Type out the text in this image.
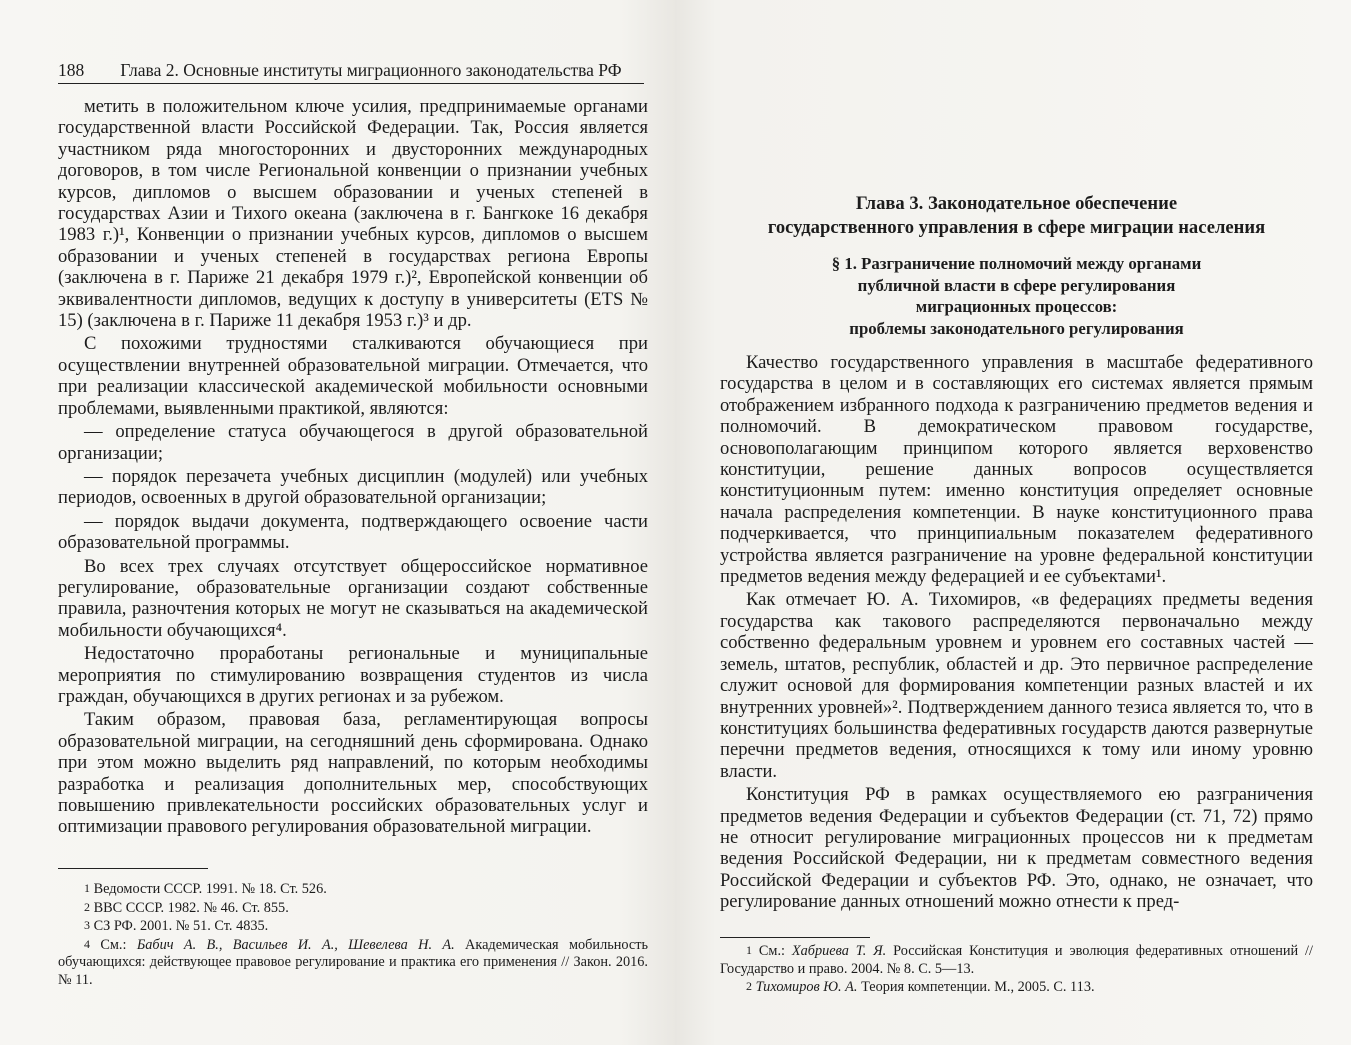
188 Глава 2. Основные институты миграционного законодательства РФ

метить в положительном ключе усилия, предпринимаемые органами государственной власти Российской Федерации. Так, Россия является участником ряда многосторонних и двусторонних международных договоров, в том числе Региональной конвенции о признании учебных курсов, дипломов о высшем образовании и ученых степеней в государствах Азии и Тихого океана (заключена в г. Бангкоке 16 декабря 1983 г.)¹, Конвенции о признании учебных курсов, дипломов о высшем образовании и ученых степеней в государствах региона Европы (заключена в г. Париже 21 декабря 1979 г.)², Европейской конвенции об эквивалентности дипломов, ведущих к доступу в университеты (ETS № 15) (заключена в г. Париже 11 декабря 1953 г.)³ и др.

С похожими трудностями сталкиваются обучающиеся при осуществлении внутренней образовательной миграции. Отмечается, что при реализации классической академической мобильности основными проблемами, выявленными практикой, являются:

— определение статуса обучающегося в другой образовательной организации;

— порядок перезачета учебных дисциплин (модулей) или учебных периодов, освоенных в другой образовательной организации;

— порядок выдачи документа, подтверждающего освоение части образовательной программы.

Во всех трех случаях отсутствует общероссийское нормативное регулирование, образовательные организации создают собственные правила, разночтения которых не могут не сказываться на академической мобильности обучающихся⁴.

Недостаточно проработаны региональные и муниципальные мероприятия по стимулированию возвращения студентов из числа граждан, обучающихся в других регионах и за рубежом.

Таким образом, правовая база, регламентирующая вопросы образовательной миграции, на сегодняшний день сформирована. Однако при этом можно выделить ряд направлений, по которым необходимы разработка и реализация дополнительных мер, способствующих повышению привлекательности российских образовательных услуг и оптимизации правового регулирования образовательной миграции.

1 Ведомости СССР. 1991. № 18. Ст. 526.

2 ВВС СССР. 1982. № 46. Ст. 855.

3 СЗ РФ. 2001. № 51. Ст. 4835.

4 См.: Бабич А. В., Васильев И. А., Шевелева Н. А. Академическая мобильность обучающихся: действующее правовое регулирование и практика его применения // Закон. 2016. № 11.

Глава 3. Законодательное обеспечение
государственного управления в сфере миграции населения
§ 1. Разграничение полномочий между органами
публичной власти в сфере регулирования
миграционных процессов:
проблемы законодательного регулирования

Качество государственного управления в масштабе федеративного государства в целом и в составляющих его системах является прямым отображением избранного подхода к разграничению предметов ведения и полномочий. В демократическом правовом государстве, основополагающим принципом которого является верховенство конституции, решение данных вопросов осуществляется конституционным путем: именно конституция определяет основные начала распределения компетенции. В науке конституционного права подчеркивается, что принципиальным показателем федеративного устройства является разграничение на уровне федеральной конституции предметов ведения между федерацией и ее субъектами¹.

Как отмечает Ю. А. Тихомиров, «в федерациях предметы ведения государства как такового распределяются первоначально между собственно федеральным уровнем и уровнем его составных частей — земель, штатов, республик, областей и др. Это первичное распределение служит основой для формирования компетенции разных властей и их внутренних уровней»². Подтверждением данного тезиса является то, что в конституциях большинства федеративных государств даются развернутые перечни предметов ведения, относящихся к тому или иному уровню власти.

Конституция РФ в рамках осуществляемого ею разграничения предметов ведения Федерации и субъектов Федерации (ст. 71, 72) прямо не относит регулирование миграционных процессов ни к предметам ведения Российской Федерации, ни к предметам совместного ведения Российской Федерации и субъектов РФ. Это, однако, не означает, что регулирование данных отношений можно отнести к пред-

1 См.: Хабриева Т. Я. Российская Конституция и эволюция федеративных отношений // Государство и право. 2004. № 8. С. 5—13.

2 Тихомиров Ю. А. Теория компетенции. М., 2005. С. 113.
